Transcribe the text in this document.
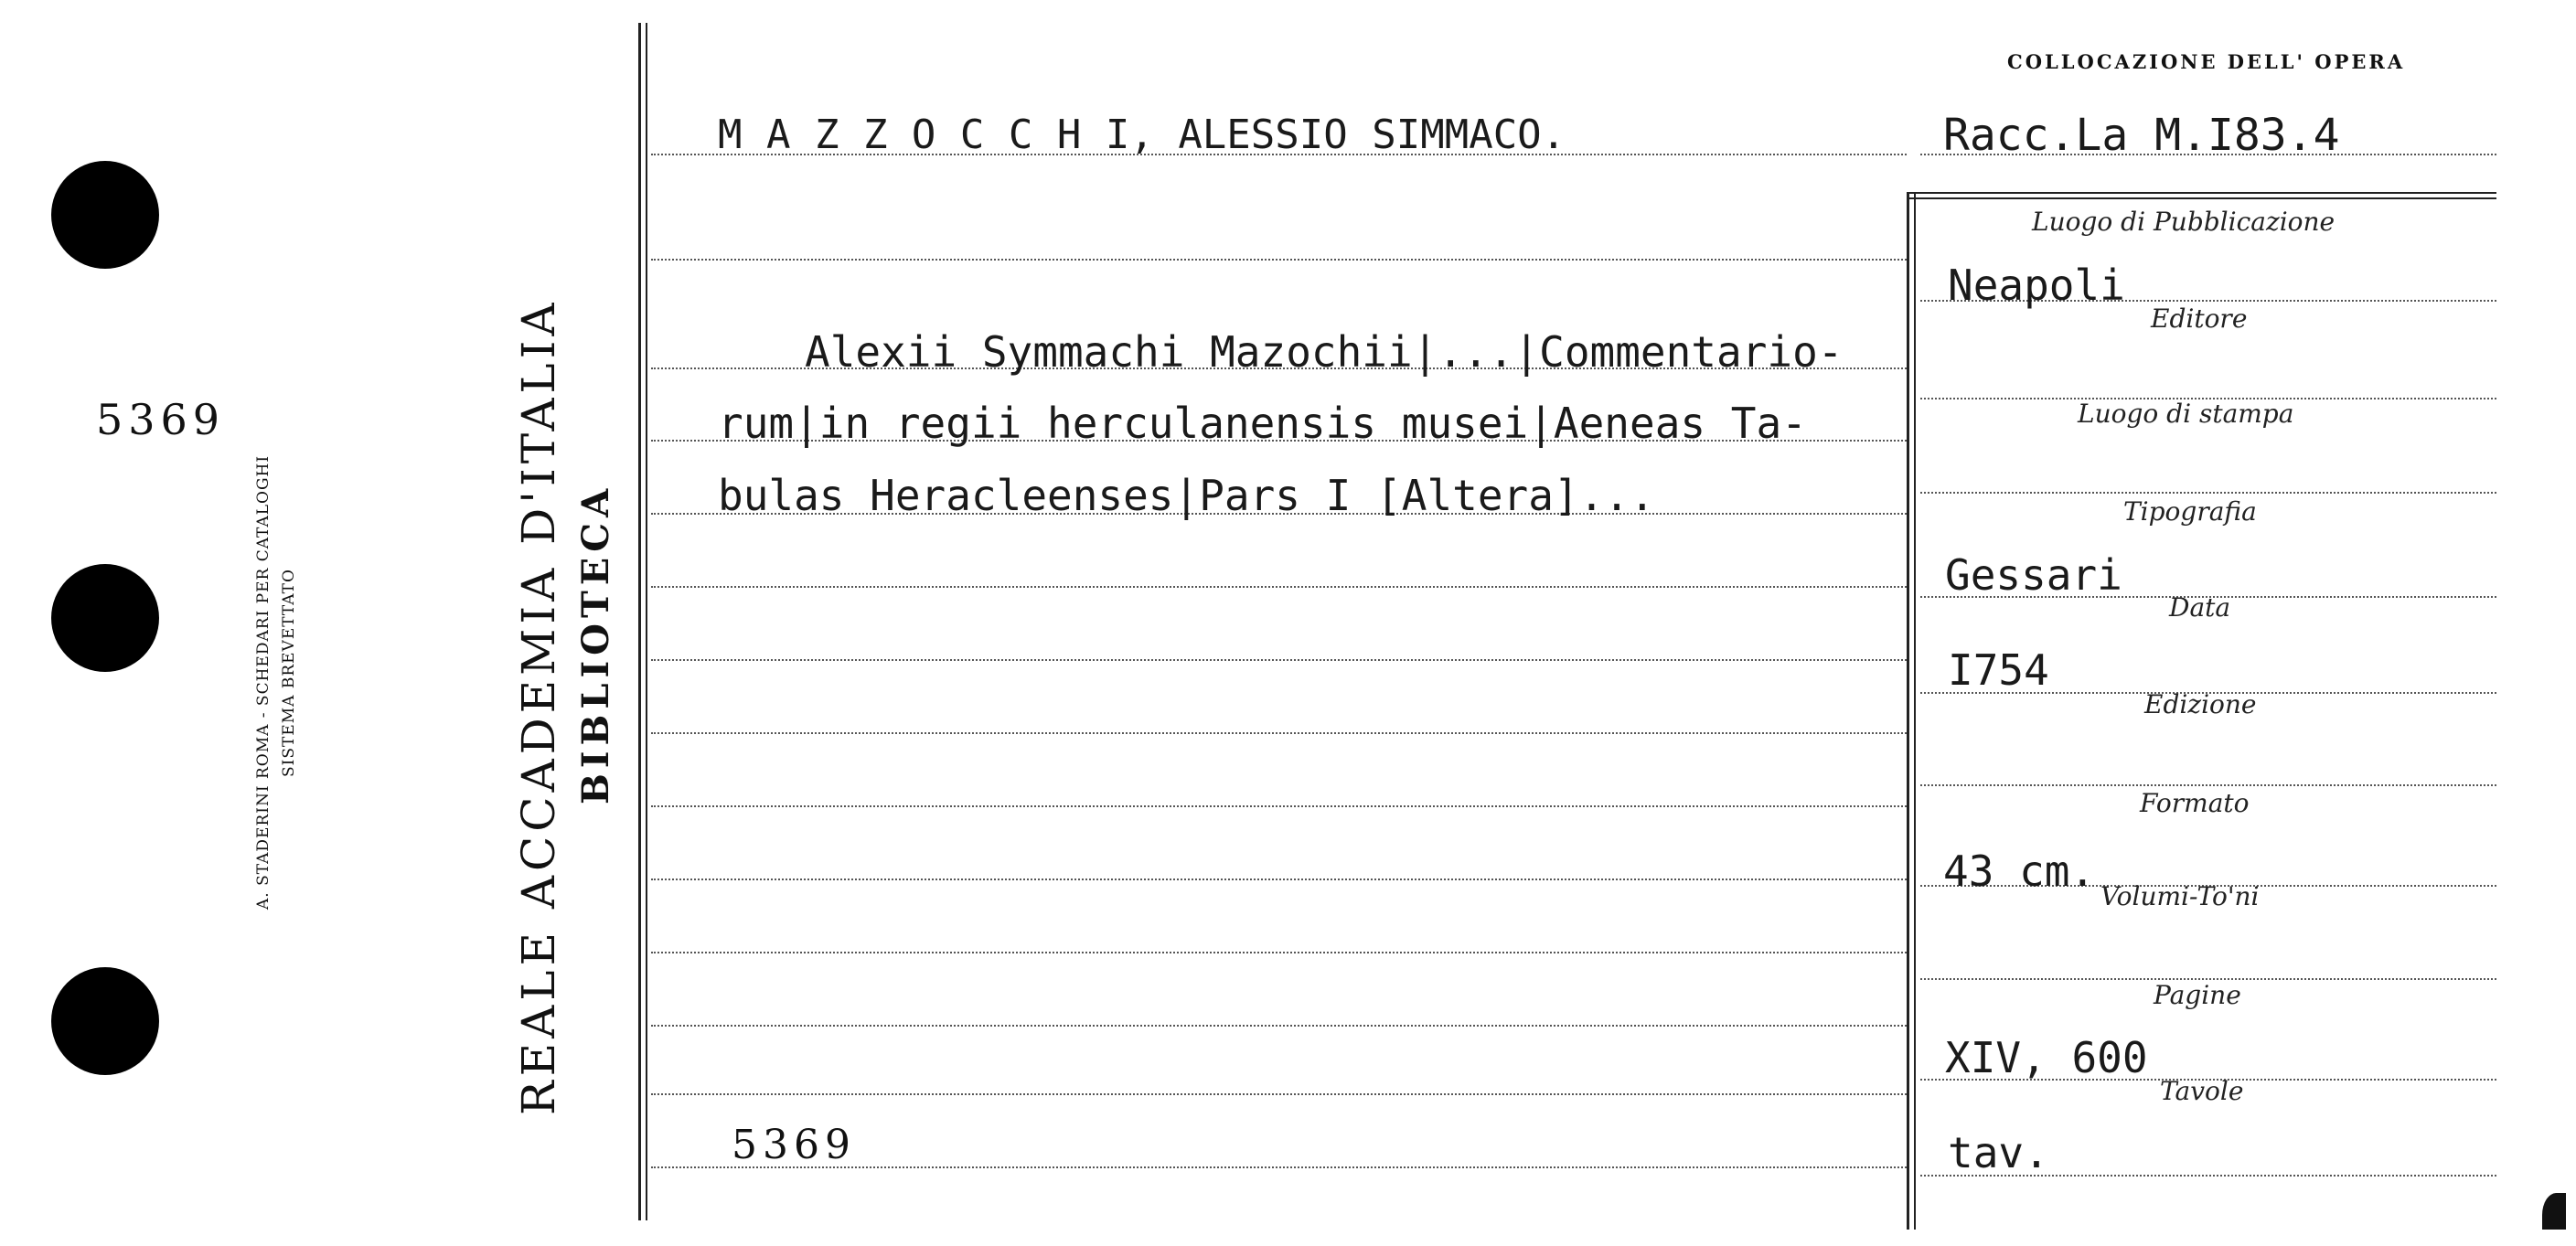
5369
A. STADERINI ROMA - SCHEDARI PER CATALOGHI SISTEMA BREVETTATO	REALE ACCADEMIA D'ITALIA BIBLIOTECA
COLLOCAZIONE DELL' OPERA
M A Z Z O C C H I, ALESSIO SIMMACO.	Racc.La M.I83.4
Alexii Symmachi Mazochii|...|Commentario-
rum|in regii herculanensis musei|Aeneas Ta-
bulas Heracleenses|Pars I [Altera]...
5369
Luogo di Pubblicazione
Neapoli
Editore
Luogo di stampa
Tipografia
Gessari
Data
I754
Edizione
Formato
43 cm.
Volumi-To'ni
Pagine
XIV, 600
Tavole
tav.
